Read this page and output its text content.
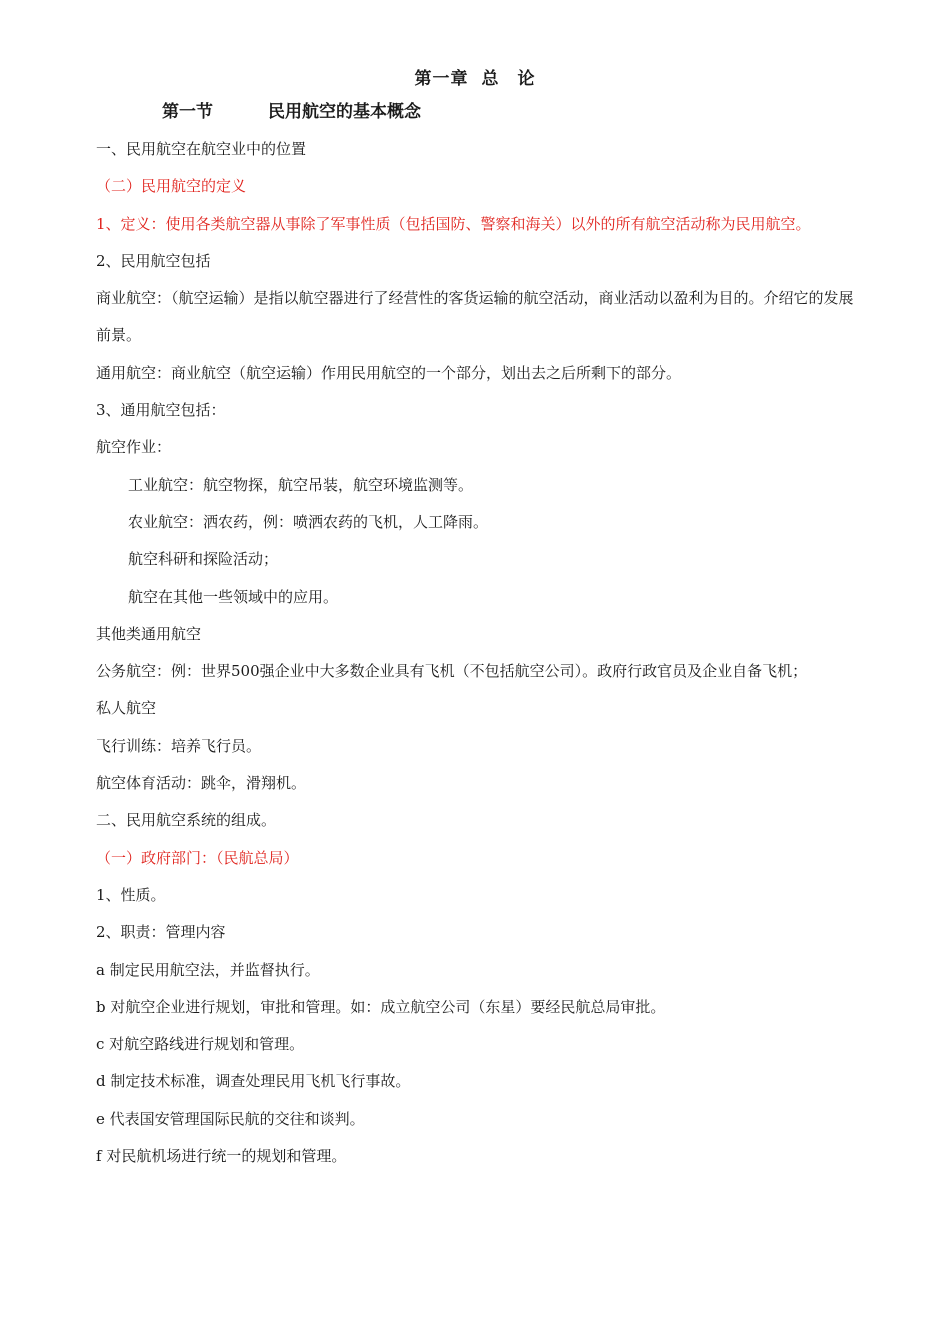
第一章 总　论
第一节	民用航空的基本概念

一、民用航空在航空业中的位置

（二）民用航空的定义

1、定义：使用各类航空器从事除了军事性质（包括国防、警察和海关）以外的所有航空活动称为民用航空。

2、民用航空包括

商业航空：（航空运输）是指以航空器进行了经营性的客货运输的航空活动，商业活动以盈利为目的。介绍它的发展前景。

通用航空：商业航空（航空运输）作用民用航空的一个部分，划出去之后所剩下的部分。

3、通用航空包括：

航空作业：

工业航空：航空物探，航空吊装，航空环境监测等。

农业航空：洒农药，例：喷洒农药的飞机，人工降雨。

航空科研和探险活动；

航空在其他一些领域中的应用。

其他类通用航空

公务航空：例：世界500强企业中大多数企业具有飞机（不包括航空公司）。政府行政官员及企业自备飞机；

私人航空

飞行训练：培养飞行员。

航空体育活动：跳伞，滑翔机。

二、民用航空系统的组成。

（一）政府部门：（民航总局）

1、性质。

2、职责：管理内容

a 制定民用航空法，并监督执行。

b 对航空企业进行规划，审批和管理。如：成立航空公司（东星）要经民航总局审批。

c 对航空路线进行规划和管理。

d 制定技术标准，调查处理民用飞机飞行事故。

e 代表国安管理国际民航的交往和谈判。

f 对民航机场进行统一的规划和管理。
